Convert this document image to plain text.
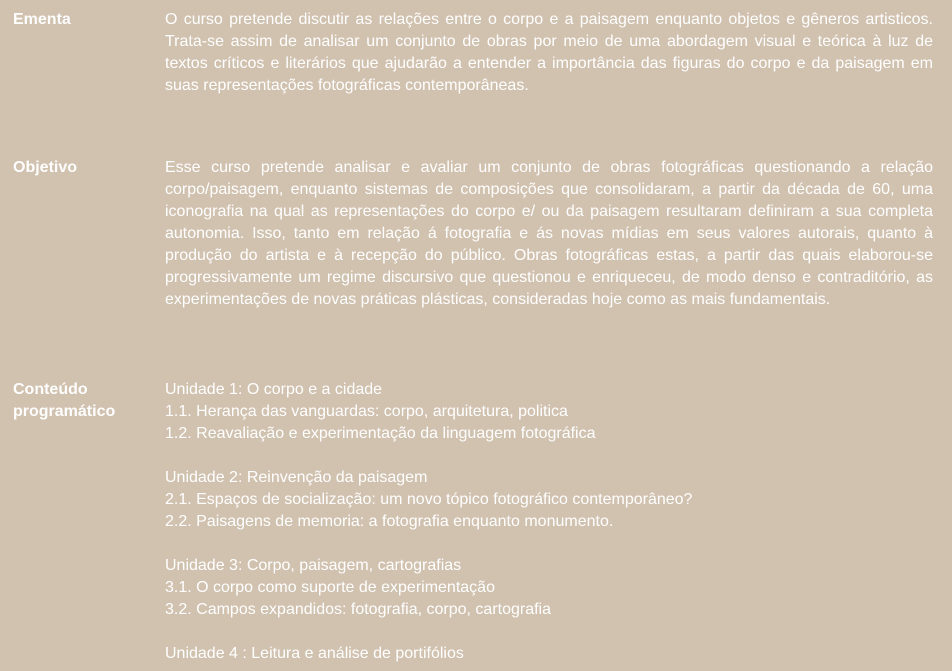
Ementa	O curso pretende discutir as relações entre o corpo e a paisagem enquanto objetos e gêneros artisticos. Trata-se assim de analisar um conjunto de obras por meio de uma abordagem visual e teórica à luz de textos críticos e literários que ajudarão a entender a importância das figuras do corpo e da paisagem em suas representações fotográficas contemporâneas.

Objetivo	Esse curso pretende analisar e avaliar um conjunto de obras fotográficas questionando a relação corpo/paisagem, enquanto sistemas de composições que consolidaram, a partir da década de 60, uma iconografia na qual as representações do corpo e/ ou da paisagem resultaram definiram a sua completa autonomia. Isso, tanto em relação á fotografia e ás novas mídias em seus valores autorais, quanto à produção do artista e à recepção do público. Obras fotográficas estas, a partir das quais elaborou-se progressivamente um regime discursivo que questionou e enriqueceu, de modo denso e contraditório, as experimentações de novas práticas plásticas, consideradas hoje como as mais fundamentais.

Conteúdo programático
Unidade 1: O corpo e a cidade
1.1. Herança das vanguardas: corpo, arquitetura, politica
1.2. Reavaliação e experimentação da linguagem fotográfica
Unidade 2: Reinvenção da paisagem
2.1. Espaços de socialização: um novo tópico fotográfico contemporâneo?
2.2. Paisagens de memoria: a fotografia enquanto monumento.
Unidade 3: Corpo, paisagem, cartografias
3.1. O corpo como suporte de experimentação
3.2. Campos expandidos: fotografia, corpo, cartografia
Unidade 4 : Leitura e análise de portifólios
